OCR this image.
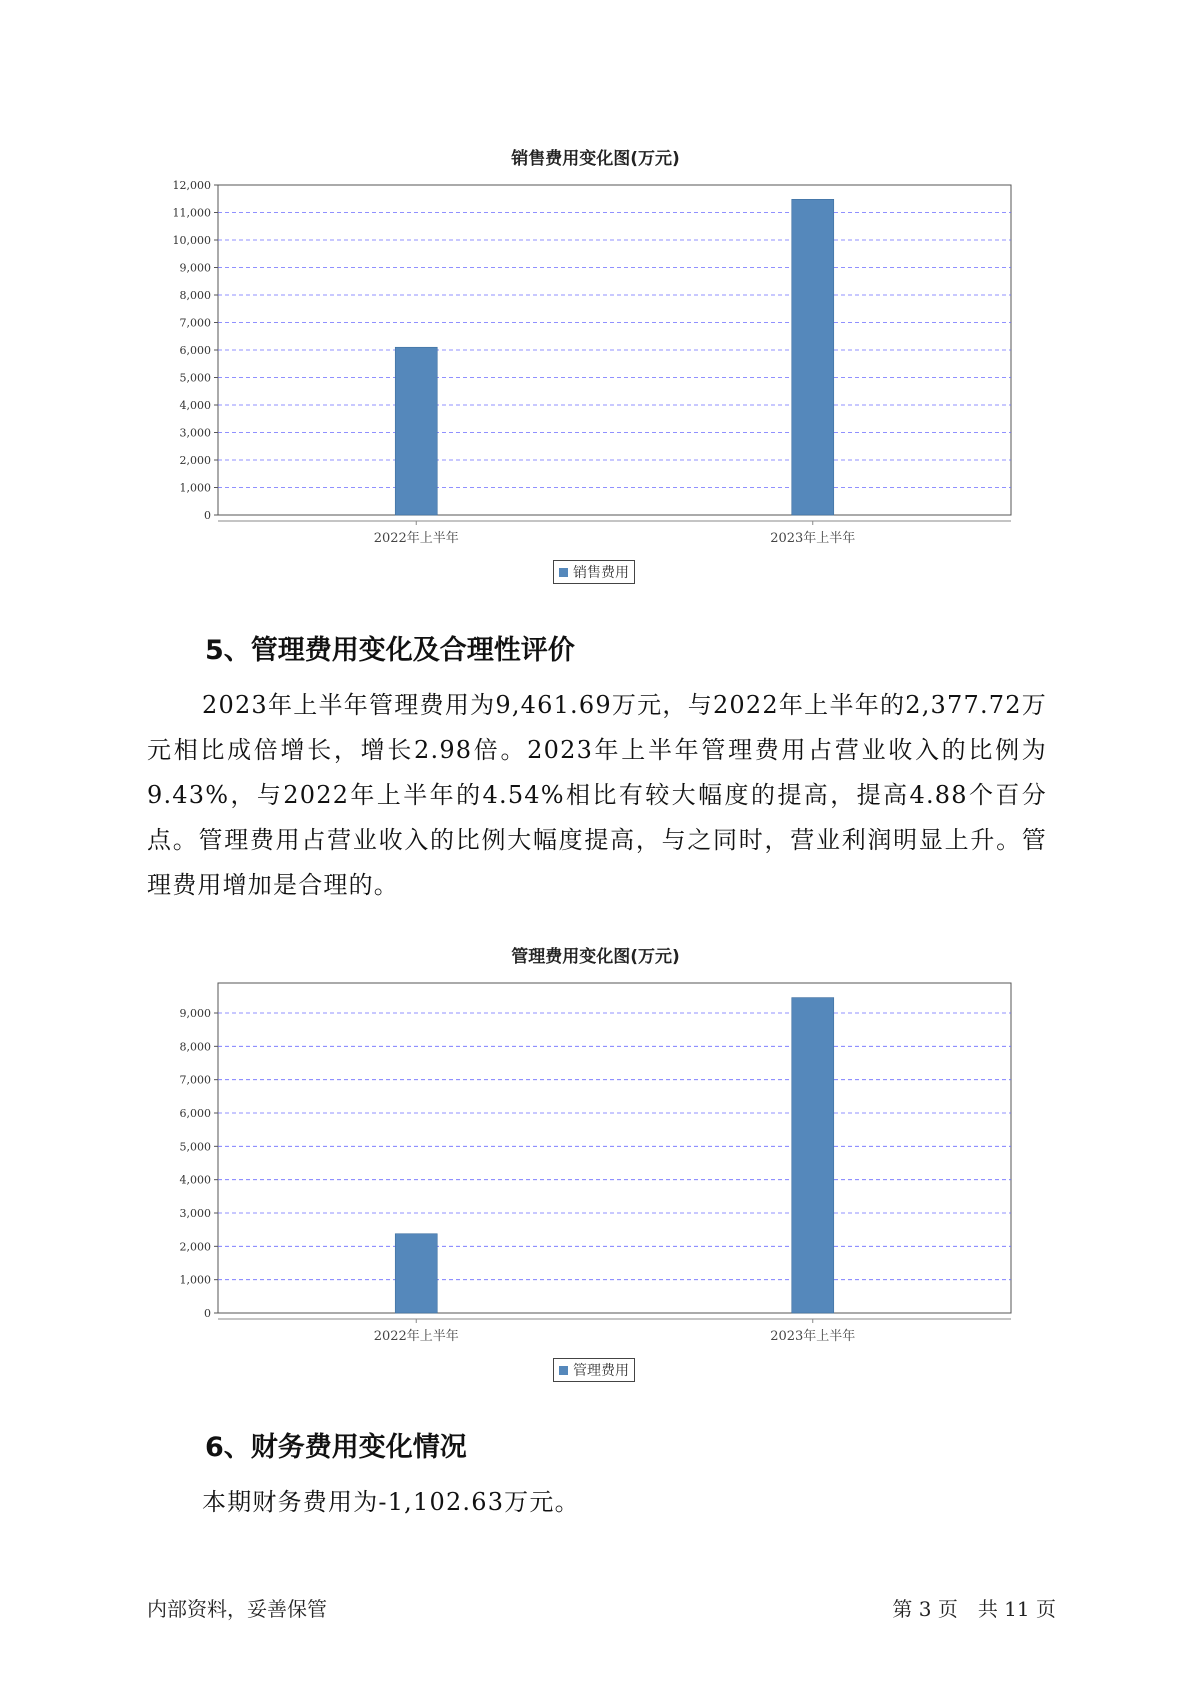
销售费用变化图(万元)
0
1,000
2,000
3,000
4,000
5,000
6,000
7,000
8,000
9,000
10,000
11,000
12,000
2022年上半年	2023年上半年
销售费用
5、管理费用变化及合理性评价

2023年上半年管理费用为9,461.69万元，与2022年上半年的2,377.72万元相比成倍增长，增长2.98倍。2023年上半年管理费用占营业收入的比例为9.43%，与2022年上半年的4.54%相比有较大幅度的提高，提高4.88个百分点。管理费用占营业收入的比例大幅度提高，与之同时，营业利润明显上升。管理费用增加是合理的。

管理费用变化图(万元)
0
1,000
2,000
3,000
4,000
5,000
6,000
7,000
8,000
9,000
2022年上半年	2023年上半年
管理费用
6、财务费用变化情况

本期财务费用为-1,102.63万元。

内部资料，妥善保管	第 3 页　共 11 页
